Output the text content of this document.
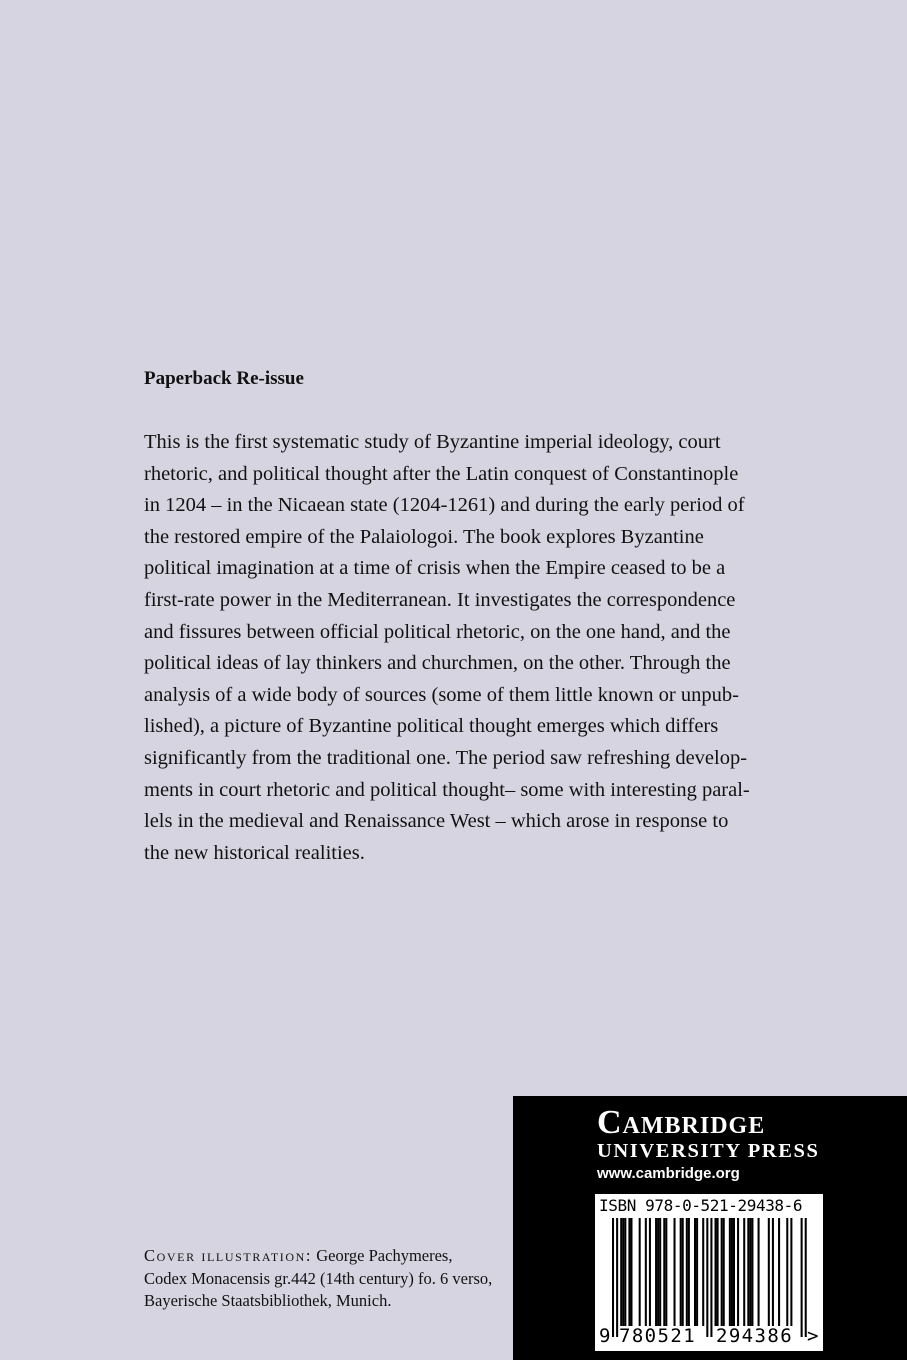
Paperback Re-issue
This is the first systematic study of Byzantine imperial ideology, court
rhetoric, and political thought after the Latin conquest of Constantinople
in 1204 – in the Nicaean state (1204-1261) and during the early period of
the restored empire of the Palaiologoi. The book explores Byzantine
political imagination at a time of crisis when the Empire ceased to be a
first-rate power in the Mediterranean. It investigates the correspondence
and fissures between official political rhetoric, on the one hand, and the
political ideas of lay thinkers and churchmen, on the other. Through the
analysis of a wide body of sources (some of them little known or unpub-
lished), a picture of Byzantine political thought emerges which differs
significantly from the traditional one. The period saw refreshing develop-
ments in court rhetoric and political thought– some with interesting paral-
lels in the medieval and Renaissance West – which arose in response to
the new historical realities.
Cover illustration: George Pachymeres,
Codex Monacensis gr.442 (14th century) fo. 6 verso,
Bayerische Staatsbibliothek, Munich.
Cambridge
UNIVERSITY PRESS
www.cambridge.org
ISBN 978-0-521-29438-6
9 780521 294386 >
